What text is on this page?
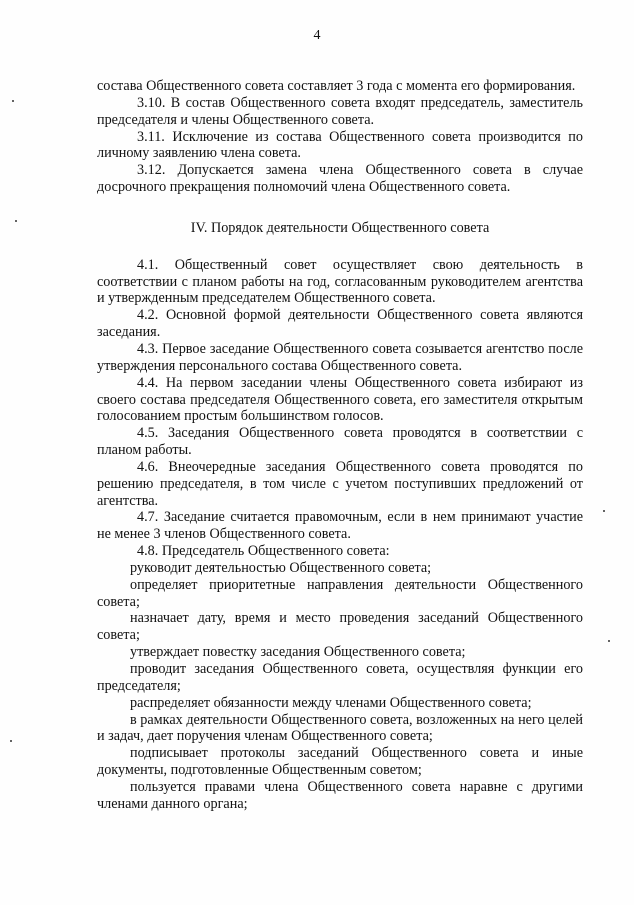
4

состава Общественного совета составляет 3 года с момента его формирования.

3.10. В состав Общественного совета входят председатель, заместитель председателя и члены Общественного совета.

3.11. Исключение из состава Общественного совета производится по личному заявлению члена совета.

3.12. Допускается замена члена Общественного совета в случае досрочного прекращения полномочий члена Общественного совета.

IV. Порядок деятельности Общественного совета

4.1. Общественный совет осуществляет свою деятельность в соответствии с планом работы на год, согласованным руководителем агентства и утвержденным председателем Общественного совета.

4.2. Основной формой деятельности Общественного совета являются заседания.

4.3. Первое заседание Общественного совета созывается агентство после утверждения персонального состава Общественного совета.

4.4. На первом заседании члены Общественного совета избирают из своего состава председателя Общественного совета, его заместителя открытым голосованием простым большинством голосов.

4.5. Заседания Общественного совета проводятся в соответствии с планом работы.

4.6. Внеочередные заседания Общественного совета проводятся по решению председателя, в том числе с учетом поступивших предложений от агентства.

4.7. Заседание считается правомочным, если в нем принимают участие не менее 3 членов Общественного совета.

4.8. Председатель Общественного совета:

руководит деятельностью Общественного совета;

определяет приоритетные направления деятельности Общественного совета;

назначает дату, время и место проведения заседаний Общественного совета;

утверждает повестку заседания Общественного совета;

проводит заседания Общественного совета, осуществляя функции его председателя;

распределяет обязанности между членами Общественного совета;

в рамках деятельности Общественного совета, возложенных на него целей и задач, дает поручения членам Общественного совета;

подписывает протоколы заседаний Общественного совета и иные документы, подготовленные Общественным советом;

пользуется правами члена Общественного совета наравне с другими членами данного органа;
